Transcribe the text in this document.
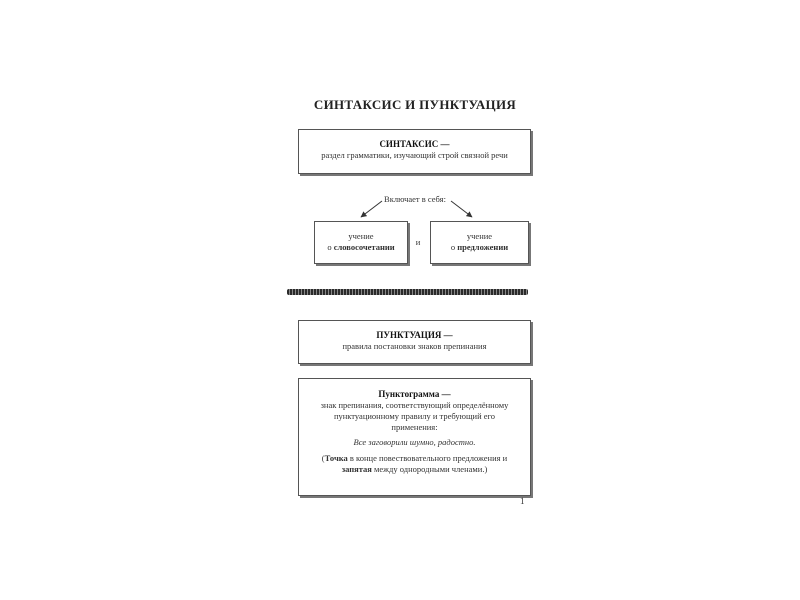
СИНТАКСИС И ПУНКТУАЦИЯ
СИНТАКСИС —
раздел грамматики, изучающий строй связной речи
Включает в себя:
учение
о словосочетании	и
учение
о предложении
ПУНКТУАЦИЯ —
правила постановки знаков препинания
Пунктограмма —
знак препинания, соответствующий определённому пунктуационному правилу и требующий его применения:
Все заговорили шумно, радостно.
(Точка в конце повествовательного предложения и запятая между однородными членами.)
1
